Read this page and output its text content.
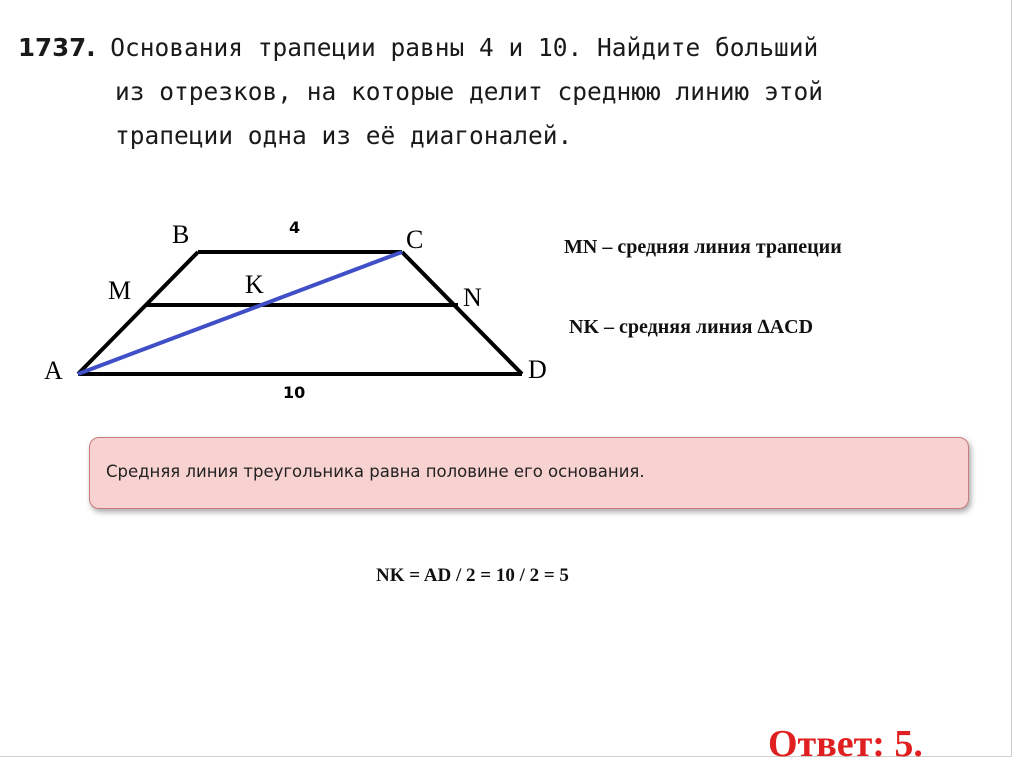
1737. Основания трапеции равны 4 и 10. Найдите больший
из отрезков, на которые делит среднюю линию этой
трапеции одна из её диагоналей.
A
B	C
D
M	N
K
4
10
MN – средняя линия трапеции
NK – средняя линия ∆ACD
Средняя линия треугольника равна половине его основания.
NK = AD / 2 = 10 / 2 = 5
Ответ: 5.
